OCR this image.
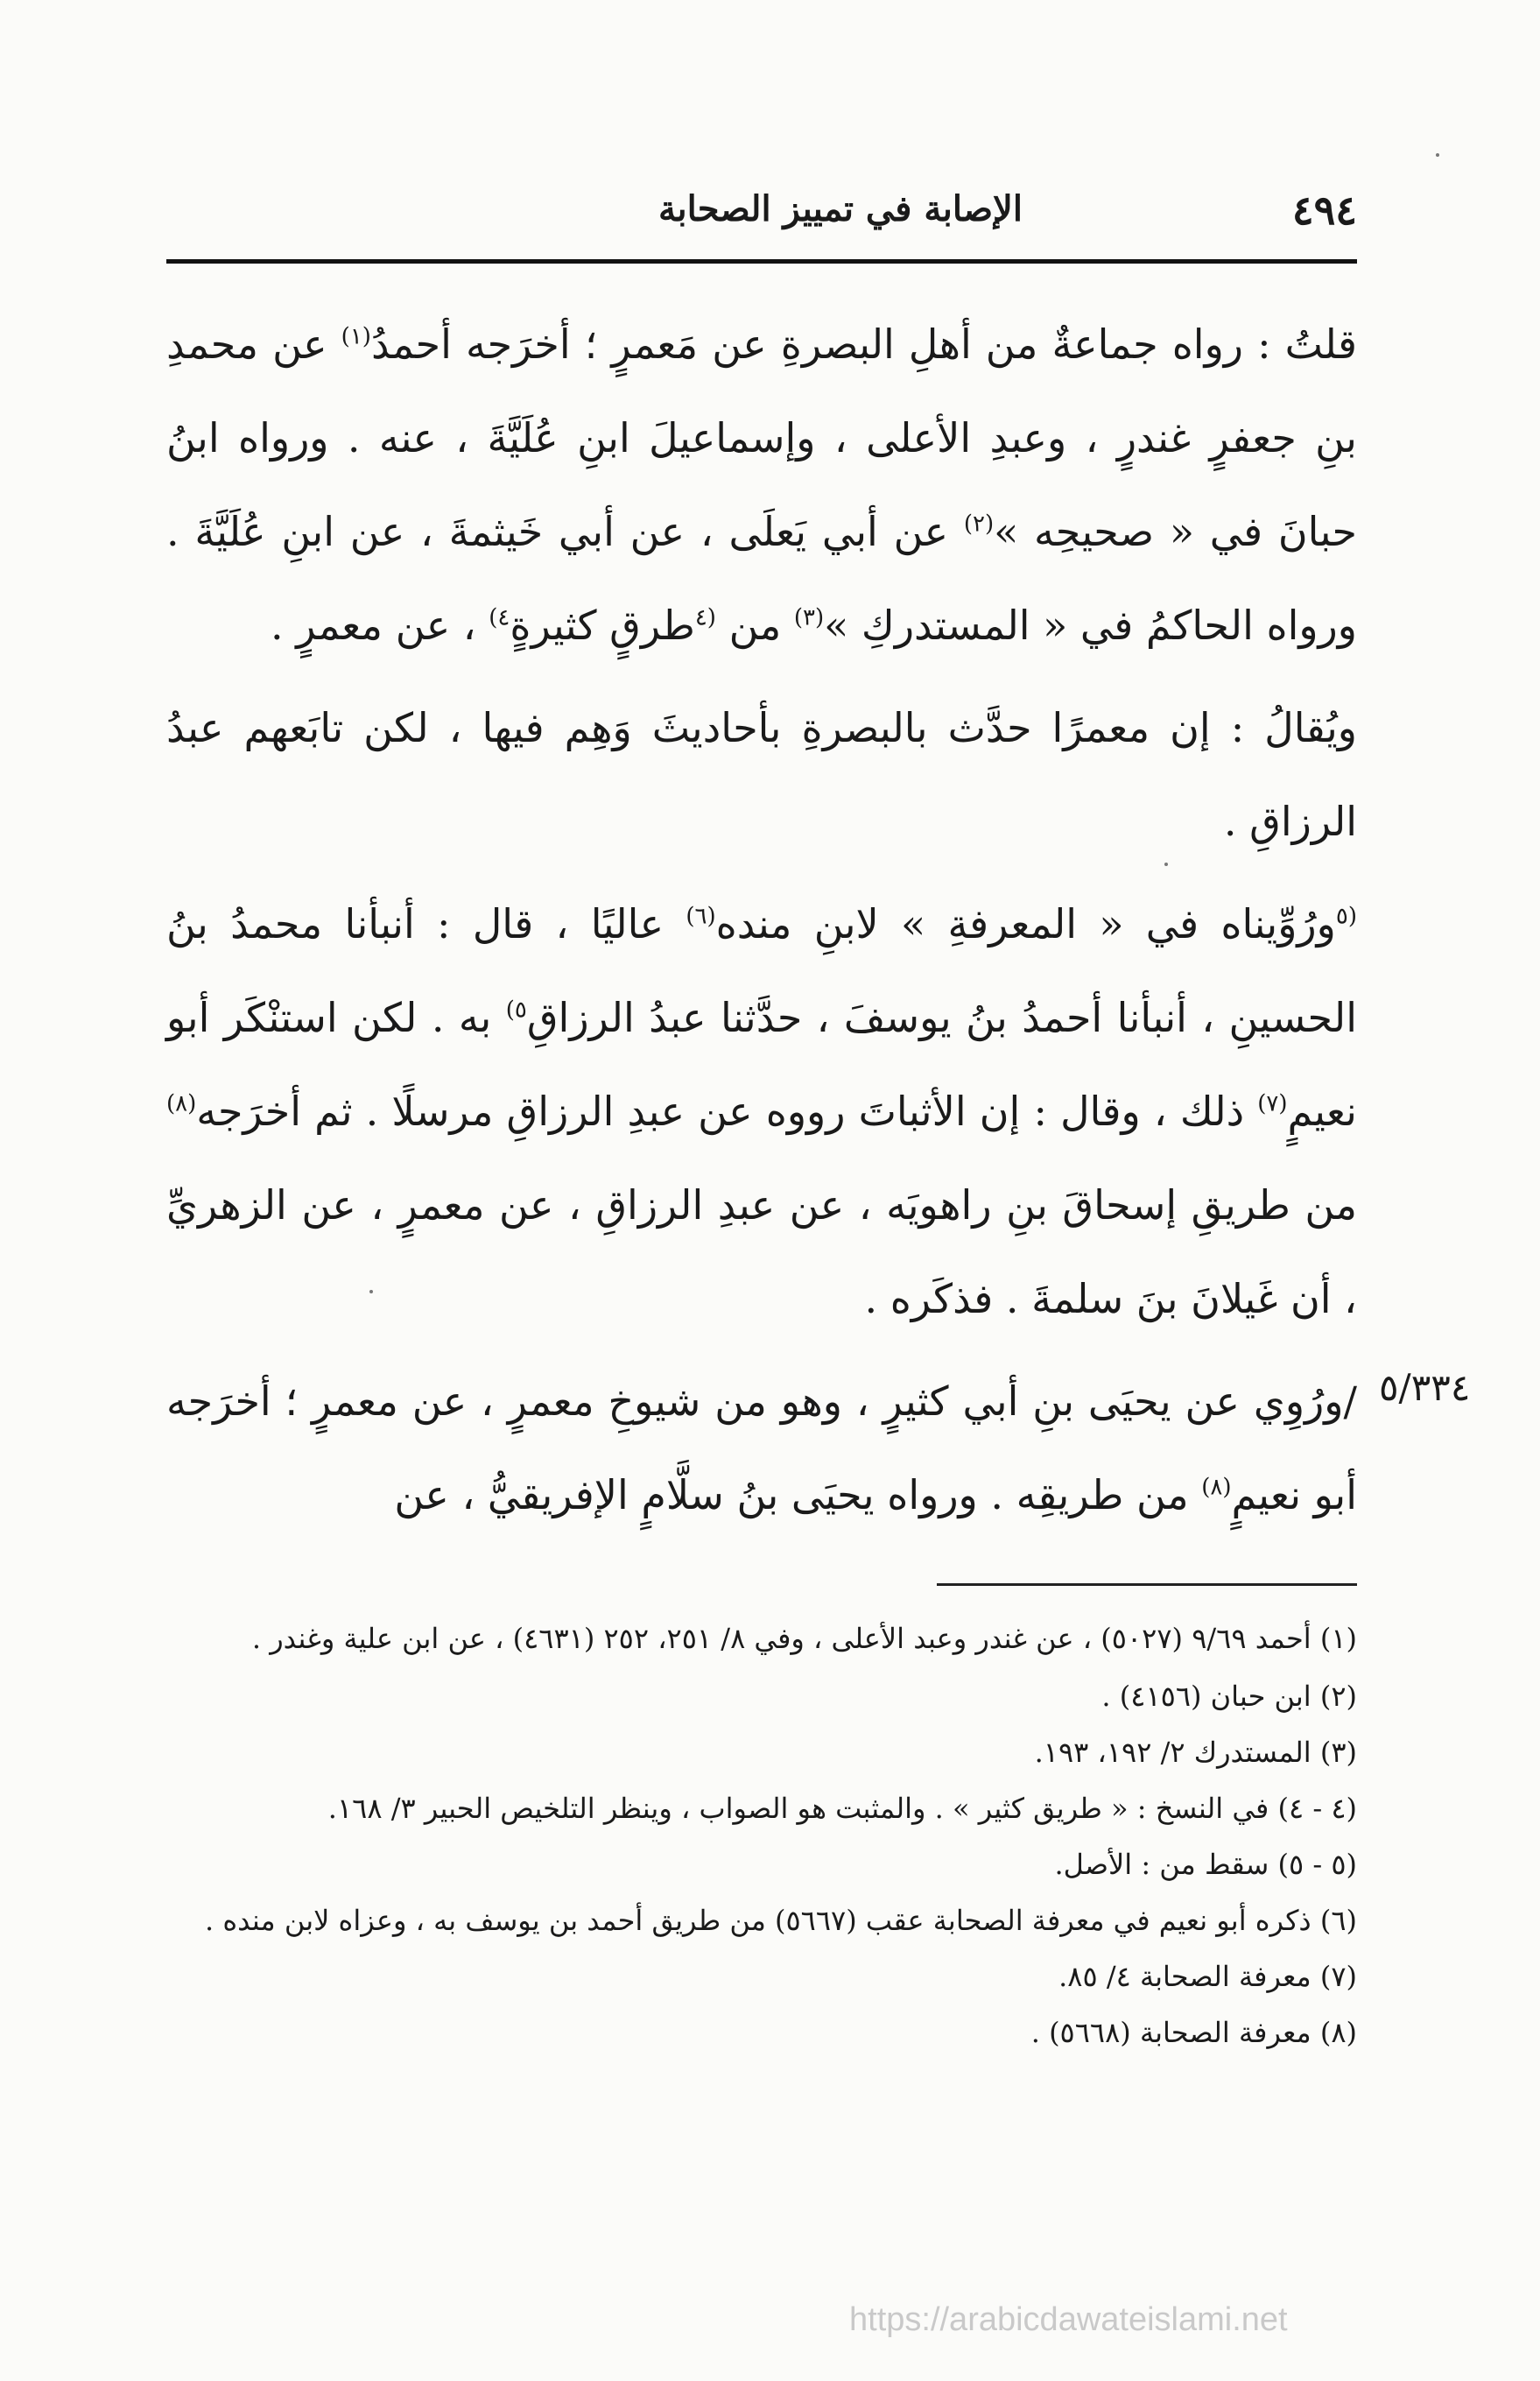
٤٩٤
الإصابة في تمييز الصحابة

قلتُ : رواه جماعةٌ من أهلِ البصرةِ عن مَعمرٍ ؛ أخرَجه أحمدُ$^{(١)}$ عن محمدِ بنِ جعفرٍ غندرٍ ، وعبدِ الأعلى ، وإسماعيلَ ابنِ عُلَيَّةَ ، عنه . ورواه ابنُ حبانَ في « صحيحِه »$^{(٢)}$ عن أبي يَعلَى ، عن أبي خَيثمةَ ، عن ابنِ عُلَيَّةَ . ورواه الحاكمُ في « المستدركِ »$^{(٣)}$ من $^{(٤}$طرقٍ كثيرةٍ$^{٤)}$ ، عن معمرٍ .

ويُقالُ : إن معمرًا حدَّث بالبصرةِ بأحاديثَ وَهِم فيها ، لكن تابَعهم عبدُ الرزاقِ .

$^{(٥}$ورُوِّيناه في « المعرفةِ » لابنِ منده$^{(٦)}$ عاليًا ، قال : أنبأنا محمدُ بنُ الحسينِ ، أنبأنا أحمدُ بنُ يوسفَ ، حدَّثنا عبدُ الرزاقِ$^{٥)}$ به . لكن استنْكَر أبو نعيمٍ$^{(٧)}$ ذلك ، وقال : إن الأثباتَ رووه عن عبدِ الرزاقِ مرسلًا . ثم أخرَجه$^{(٨)}$ من طريقِ إسحاقَ بنِ راهويَه ، عن عبدِ الرزاقِ ، عن معمرٍ ، عن الزهريِّ ، أن غَيلانَ بنَ سلمةَ . فذكَره .

/ورُوِي عن يحيَى بنِ أبي كثيرٍ ، وهو من شيوخِ معمرٍ ، عن معمرٍ ؛ أخرَجه أبو نعيمٍ$^{(٨)}$ من طريقِه . ورواه يحيَى بنُ سلَّامٍ الإفريقيُّ ، عن

٥/٣٣٤

(١) أحمد ٩/٦٩ (٥٠٢٧) ، عن غندر وعبد الأعلى ، وفي ٨/ ٢٥١، ٢٥٢ (٤٦٣١) ، عن ابن علية وغندر .

(٢) ابن حبان (٤١٥٦) .

(٣) المستدرك ٢/ ١٩٢، ١٩٣.

(٤ - ٤) في النسخ : « طريق كثير » . والمثبت هو الصواب ، وينظر التلخيص الحبير ٣/ ١٦٨.

(٥ - ٥) سقط من : الأصل.

(٦) ذكره أبو نعيم في معرفة الصحابة عقب (٥٦٦٧) من طريق أحمد بن يوسف به ، وعزاه لابن منده .

(٧) معرفة الصحابة ٤/ ٨٥.

(٨) معرفة الصحابة (٥٦٦٨) .

https://arabicdawateislami.net
